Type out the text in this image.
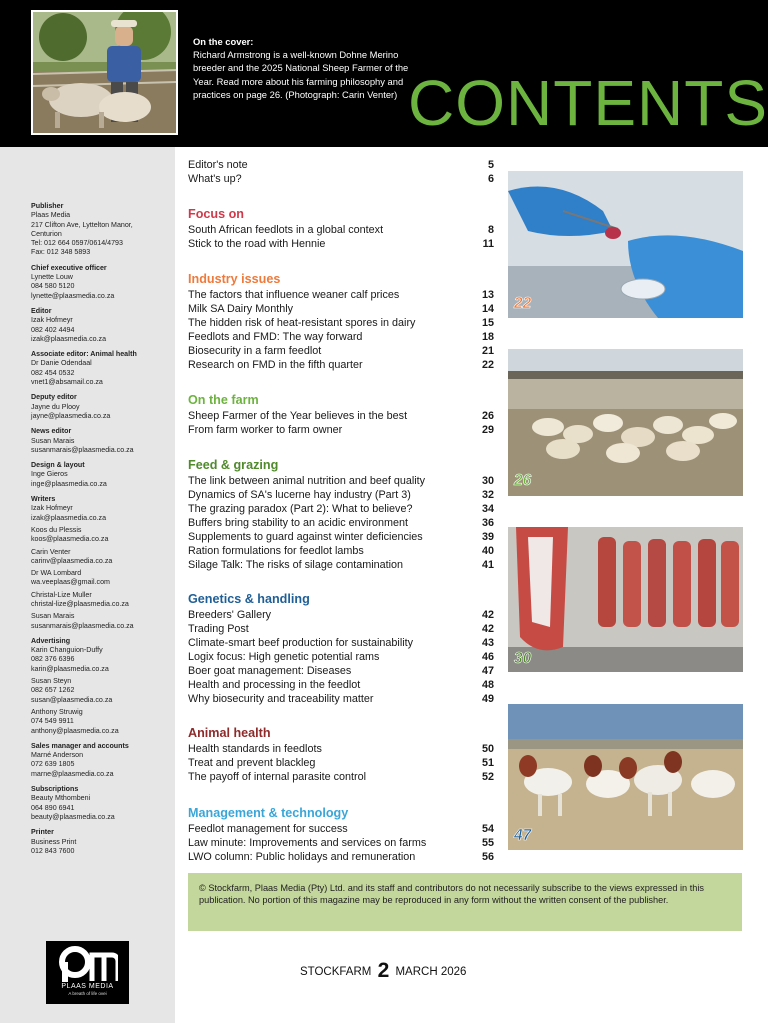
On the cover:
Richard Armstrong is a well-known Dohne Merino breeder and the 2025 National Sheep Farmer of the Year. Read more about his farming philosophy and practices on page 26. (Photograph: Carin Venter) CONTENTS
Publisher
Plaas Media
217 Clifton Ave, Lyttelton Manor,
Centurion
Tel: 012 664 0597/0614/4793
Fax: 012 348 5893
Chief executive officer
Lynette Louw
084 580 5120
lynette@plaasmedia.co.za
Editor
Izak Hofmeyr
082 402 4494
izak@plaasmedia.co.za
Associate editor: Animal health
Dr Danie Odendaal
082 454 0532
vnet1@absamail.co.za
Deputy editor
Jayne du Plooy
jayne@plaasmedia.co.za
News editor
Susan Marais
susanmarais@plaasmedia.co.za
Design & layout
Inge Gieros
inge@plaasmedia.co.za
Writers
Izak Hofmeyr
izak@plaasmedia.co.za
Koos du Plessis
koos@plaasmedia.co.za
Carin Venter
carinv@plaasmedia.co.za
Dr WA Lombard
wa.veeplaas@gmail.com
Christal-Lize Muller
christal-lize@plaasmedia.co.za
Susan Marais
susanmarais@plaasmedia.co.za
Advertising
Karin Changuion-Duffy
082 376 6396
karin@plaasmedia.co.za
Susan Steyn
082 657 1262
susan@plaasmedia.co.za
Anthony Struwig
074 549 9911
anthony@plaasmedia.co.za
Sales manager and accounts
Marné Anderson
072 639 1805
marne@plaasmedia.co.za
Subscriptions
Beauty Mthombeni
064 890 6941
beauty@plaasmedia.co.za
Printer
Business Print
012 843 7600
PLAAS MEDIA
A breath of life ovei
Editor's note	5
What's up?	6
Focus on
South African feedlots in a global context	8
Stick to the road with Hennie	11
Industry issues
The factors that influence weaner calf prices	13
Milk SA Dairy Monthly	14
The hidden risk of heat-resistant spores in dairy	15
Feedlots and FMD: The way forward	18
Biosecurity in a farm feedlot	21
Research on FMD in the fifth quarter	22
On the farm
Sheep Farmer of the Year believes in the best	26
From farm worker to farm owner	29
Feed & grazing
The link between animal nutrition and beef quality	30
Dynamics of SA's lucerne hay industry (Part 3)	32
The grazing paradox (Part 2): What to believe?	34
Buffers bring stability to an acidic environment	36
Supplements to guard against winter deficiencies	39
Ration formulations for feedlot lambs	40
Silage Talk: The risks of silage contamination	41
Genetics & handling
Breeders' Gallery	42
Trading Post	42
Climate-smart beef production for sustainability	43
Logix focus: High genetic potential rams	46
Boer goat management: Diseases	47
Health and processing in the feedlot	48
Why biosecurity and traceability matter	49
Animal health
Health standards in feedlots	50
Treat and prevent blackleg	51
The payoff of internal parasite control	52
Management & technology
Feedlot management for success	54
Law minute: Improvements and services on farms	55
LWO column: Public holidays and remuneration	56
22
26
30
47
© Stockfarm, Plaas Media (Pty) Ltd. and its staff and contributors do not necessarily subscribe to the views expressed in this publication. No portion of this magazine may be reproduced in any form without the written consent of the publisher.
STOCKFARM 2 MARCH 2026
